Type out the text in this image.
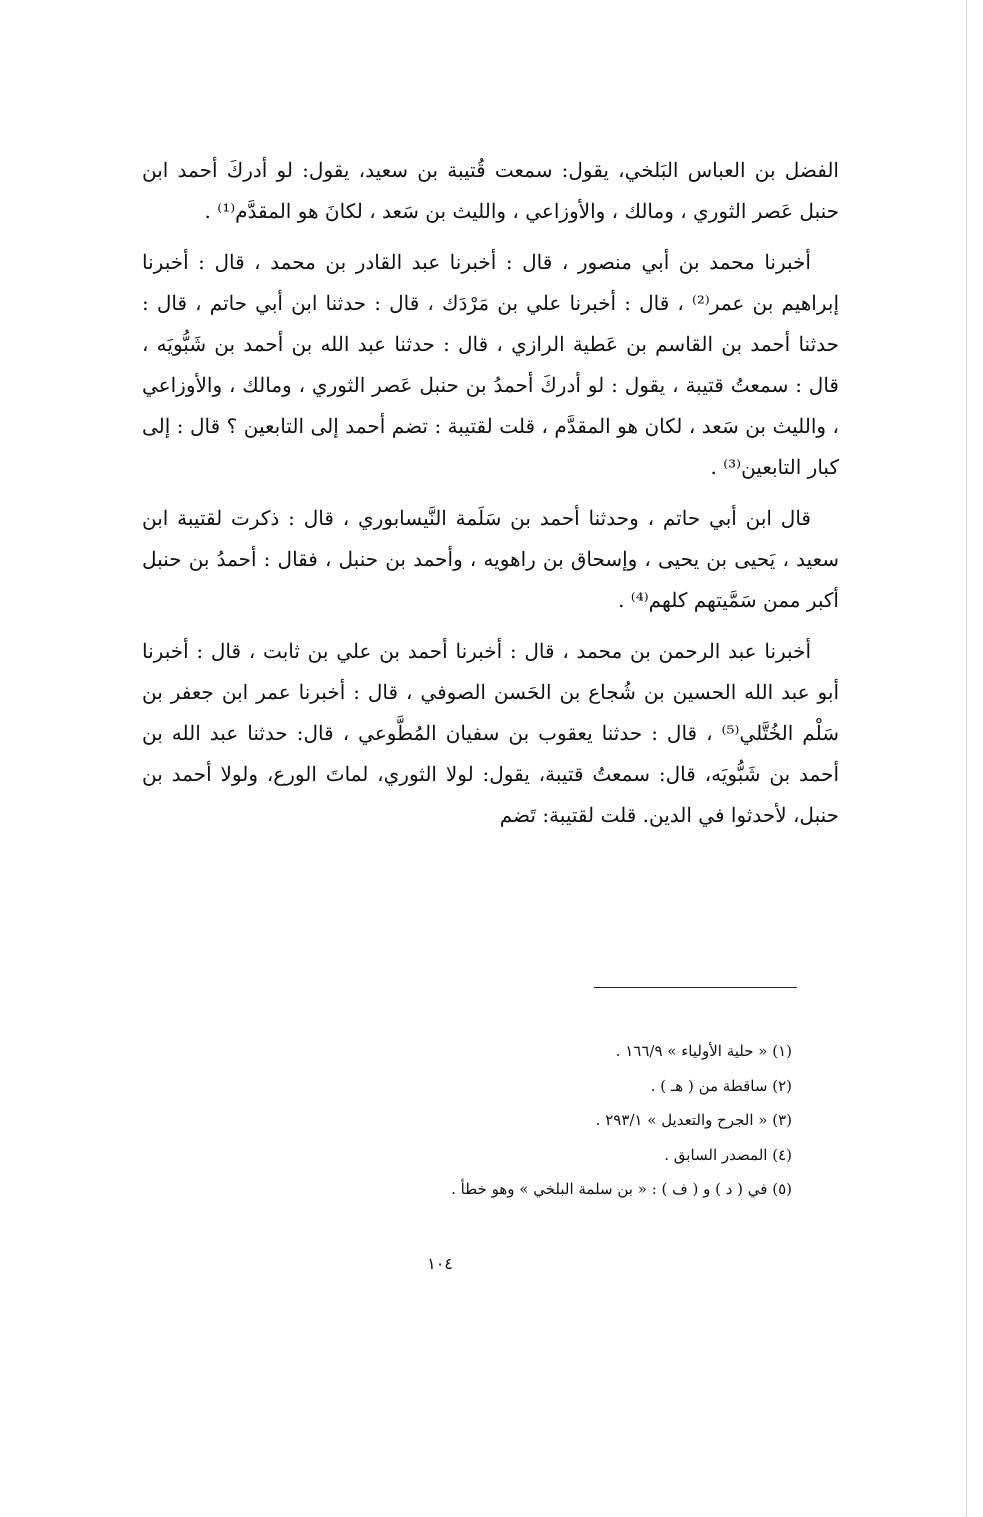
الفضل بن العباس البَلخي، يقول: سمعت قُتيبة بن سعيد، يقول: لو أدركَ أحمد ابن حنبل عَصر الثوري ، ومالك ، والأوزاعي ، والليث بن سَعد ، لكانَ هو المقدَّم⁽¹⁾ .

أخبرنا محمد بن أبي منصور ، قال : أخبرنا عبد القادر بن محمد ، قال : أخبرنا إبراهيم بن عمر⁽²⁾ ، قال : أخبرنا علي بن مَرْدَك ، قال : حدثنا ابن أبي حاتم ، قال : حدثنا أحمد بن القاسم بن عَطية الرازي ، قال : حدثنا عبد الله بن أحمد بن شَبُّويَه ، قال : سمعتُ قتيبة ، يقول : لو أدركَ أحمدُ بن حنبل عَصر الثوري ، ومالك ، والأوزاعي ، والليث بن سَعد ، لكان هو المقدَّم ، قلت لقتيبة : تضم أحمد إلى التابعين ؟ قال : إلى كبار التابعين⁽³⁾ .

قال ابن أبي حاتم ، وحدثنا أحمد بن سَلَمة النَّيسابوري ، قال : ذكرت لقتيبة ابن سعيد ، يَحيى بن يحيى ، وإسحاق بن راهويه ، وأحمد بن حنبل ، فقال : أحمدُ بن حنبل أكبر ممن سَمَّيتهم كلهم⁽⁴⁾ .

أخبرنا عبد الرحمن بن محمد ، قال : أخبرنا أحمد بن علي بن ثابت ، قال : أخبرنا أبو عبد الله الحسين بن شُجاع بن الحَسن الصوفي ، قال : أخبرنا عمر ابن جعفر بن سَلْم الخُتَّلي⁽⁵⁾ ، قال : حدثنا يعقوب بن سفيان المُطَّوعي ، قال: حدثنا عبد الله بن أحمد بن شَبُّويَه، قال: سمعتُ قتيبة، يقول: لولا الثوري، لماتَ الورع، ولولا أحمد بن حنبل، لأحدثوا في الدين. قلت لقتيبة: تَضم

(١) « حلية الأولياء » ١٦٦/٩ .

(٢) ساقطة من ( هـ ) .

(٣) « الجرح والتعديل » ٢٩٣/١ .

(٤) المصدر السابق .

(٥) في ( د ) و ( ف ) : « بن سلمة البلخي » وهو خطأ .

١٠٤
